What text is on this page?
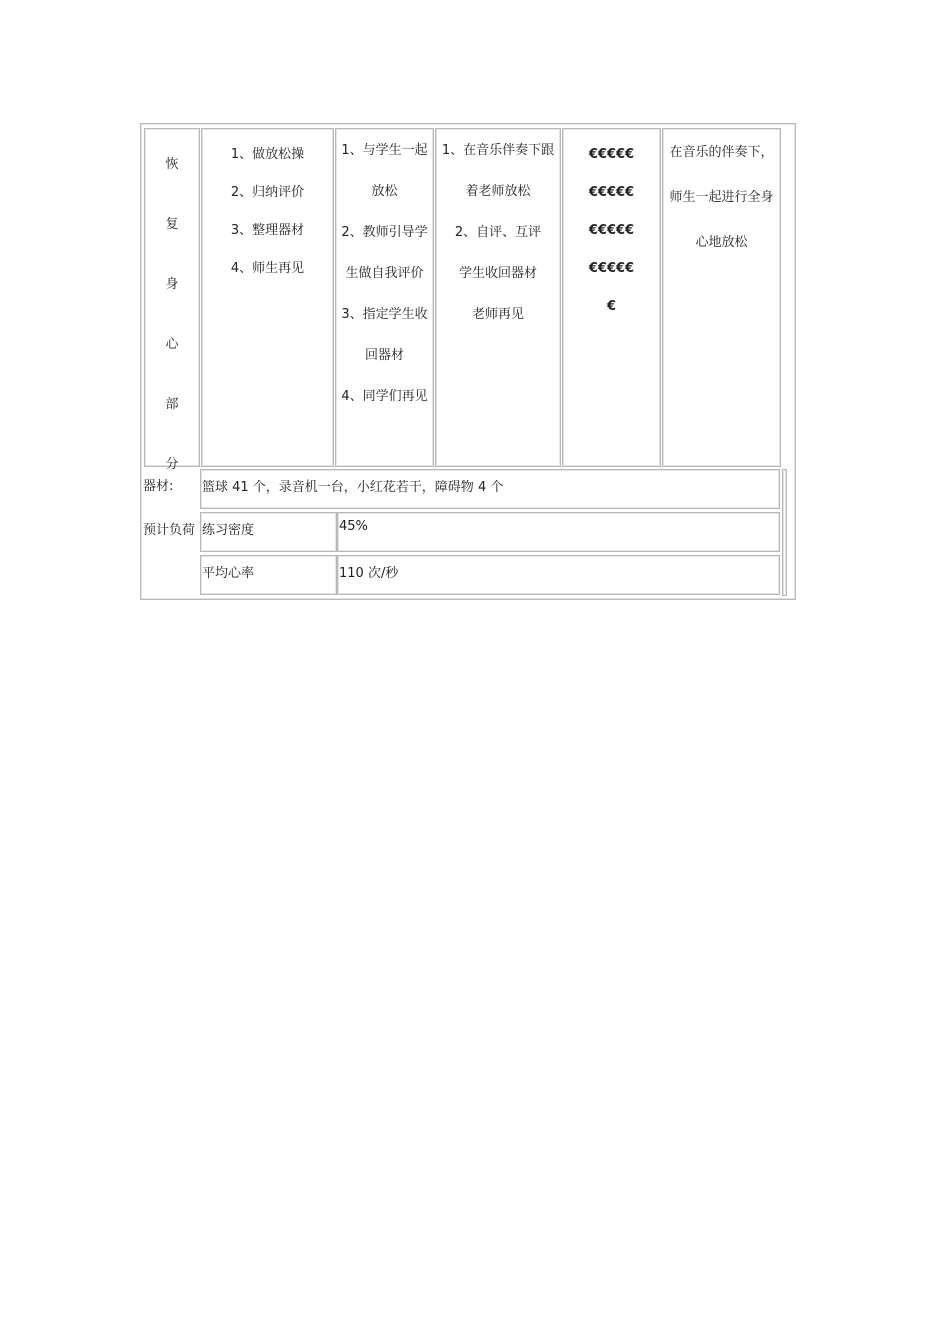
恢

复

身

心

部

分

1、做放松操

2、归纳评价

3、整理器材

4、师生再见

1、与学生一起

放松

2、教师引导学

生做自我评价

3、指定学生收

回器材

4、同学们再见

1、在音乐伴奏下跟

着老师放松

2、自评、互评

学生收回器材

老师再见

€€€€€

€€€€€

€€€€€

€€€€€

€

在音乐的伴奏下，

师生一起进行全身

心地放松

器材: 篮球 41 个，录音机一台，小红花若干，障碍物 4 个
预计负荷 练习密度	45%
平均心率	110 次/秒
